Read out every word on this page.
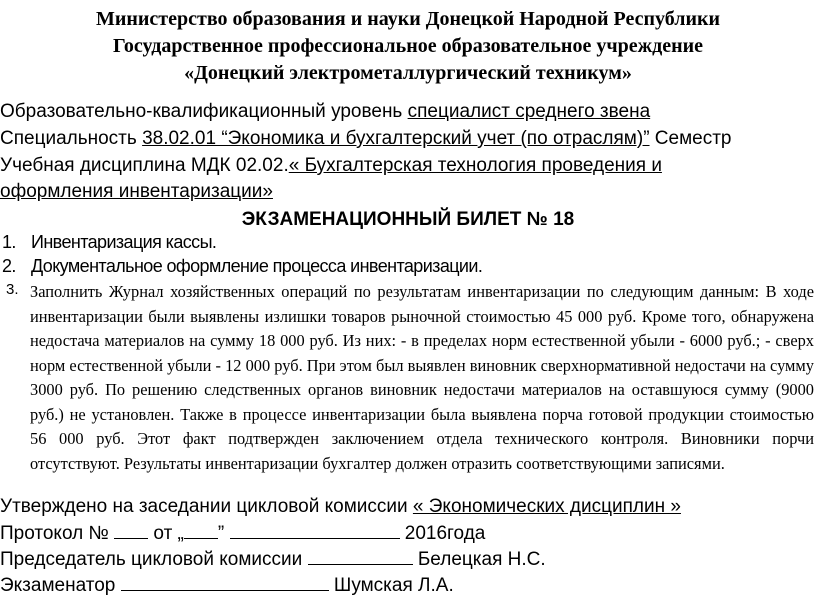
Министерство образования и науки Донецкой Народной Республики
Государственное профессиональное образовательное учреждение
«Донецкий электрометаллургический техникум»
Образовательно-квалификационный уровень специалист среднего звена
Специальность 38.02.01 “Экономика и бухгалтерский учет (по отраслям)” Семестр
Учебная дисциплина МДК 02.02.« Бухгалтерская технология проведения и
оформления инвентаризации»
ЭКЗАМЕНАЦИОННЫЙ БИЛЕТ № 18
1. Инвентаризация кассы.
2. Документальное оформление процесса инвентаризации.
3. Заполнить Журнал хозяйственных операций по результатам инвентаризации по следующим данным: В ходе инвентаризации были выявлены излишки товаров рыночной стоимостью 45 000 руб. Кроме того, обнаружена недостача материалов на сумму 18 000 руб. Из них: - в пределах норм естественной убыли - 6000 руб.; - сверх норм естественной убыли - 12 000 руб. При этом был выявлен виновник сверхнормативной недостачи на сумму 3000 руб. По решению следственных органов виновник недостачи материалов на оставшуюся сумму (9000 руб.) не установлен. Также в процессе инвентаризации была выявлена порча готовой продукции стоимостью 56 000 руб. Этот факт подтвержден заключением отдела технического контроля. Виновники порчи отсутствуют. Результаты инвентаризации бухгалтер должен отразить соответствующими записями.
Утверждено на заседании цикловой комиссии « Экономических дисциплин »
Протокол №  от „ ”	2016года
Председатель цикловой комиссии	Белецкая Н.С.
Экзаменатор	Шумская Л.А.
